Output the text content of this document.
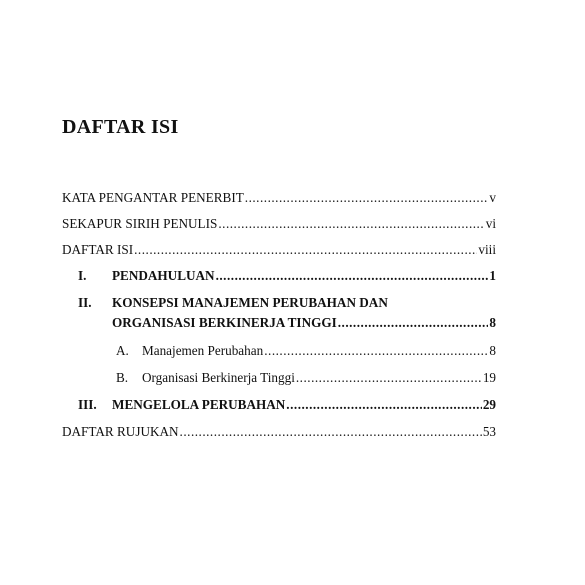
DAFTAR ISI
KATA PENGANTAR PENERBIT .....	v
SEKAPUR SIRIH PENULIS .....	vi
DAFTAR ISI .....	viii
I.	PENDAHULUAN .....	1
II. KONSEPSI MANAJEMEN PERUBAHAN DAN
ORGANISASI BERKINERJA TINGGI .....	8
A. Manajemen Perubahan .....	8
B.	Organisasi Berkinerja Tinggi .....	19
III.	MENGELOLA PERUBAHAN .....	29
DAFTAR RUJUKAN .....	53
